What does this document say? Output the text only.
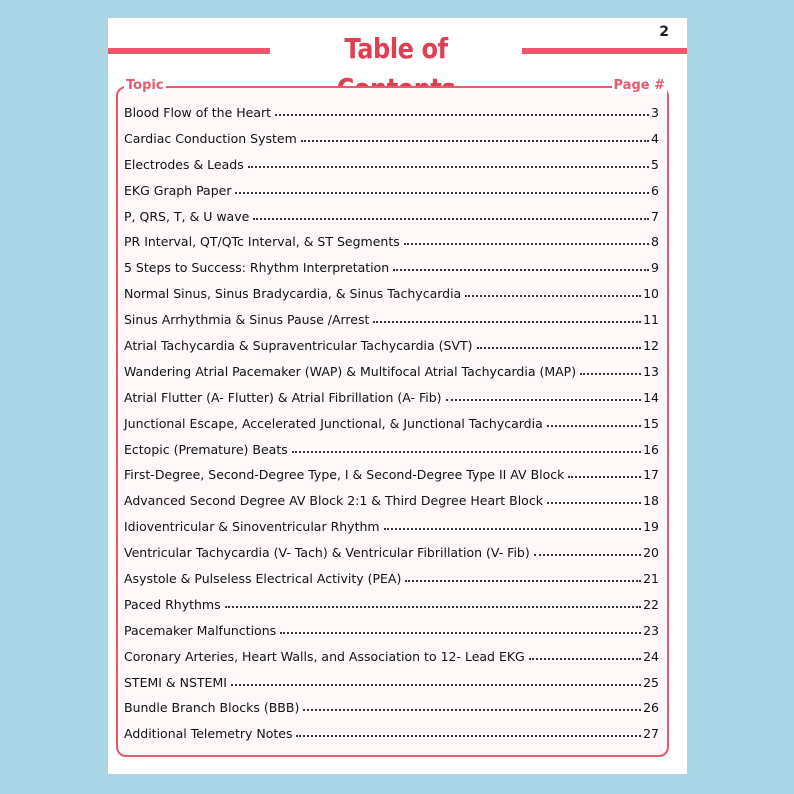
2
Table of
Topic	Page #
Blood Flow of the Heart	3
Cardiac Conduction System	4
Electrodes & Leads	5
EKG Graph Paper	6
P, QRS, T, & U wave	7
PR Interval, QT/QTc Interval, & ST Segments	8
5 Steps to Success: Rhythm Interpretation	9
Normal Sinus, Sinus Bradycardia, & Sinus Tachycardia	10
Sinus Arrhythmia & Sinus Pause /Arrest	11
Atrial Tachycardia & Supraventricular Tachycardia (SVT)	12
Wandering Atrial Pacemaker (WAP) & Multifocal Atrial Tachycardia (MAP)	13
Atrial Flutter (A- Flutter) & Atrial Fibrillation (A- Fib)	14
Junctional Escape, Accelerated Junctional, & Junctional Tachycardia	15
Ectopic (Premature) Beats	16
First-Degree, Second-Degree Type, I & Second-Degree Type II AV Block	17
Advanced Second Degree AV Block 2:1 & Third Degree Heart Block	18
Idioventricular & Sinoventricular Rhythm	19
Ventricular Tachycardia (V- Tach) & Ventricular Fibrillation (V- Fib)	20
Asystole & Pulseless Electrical Activity (PEA)	21
Paced Rhythms	22
Pacemaker Malfunctions	23
Coronary Arteries, Heart Walls, and Association to 12- Lead EKG	24
STEMI & NSTEMI	25
Bundle Branch Blocks (BBB)	26
Additional Telemetry Notes	27
